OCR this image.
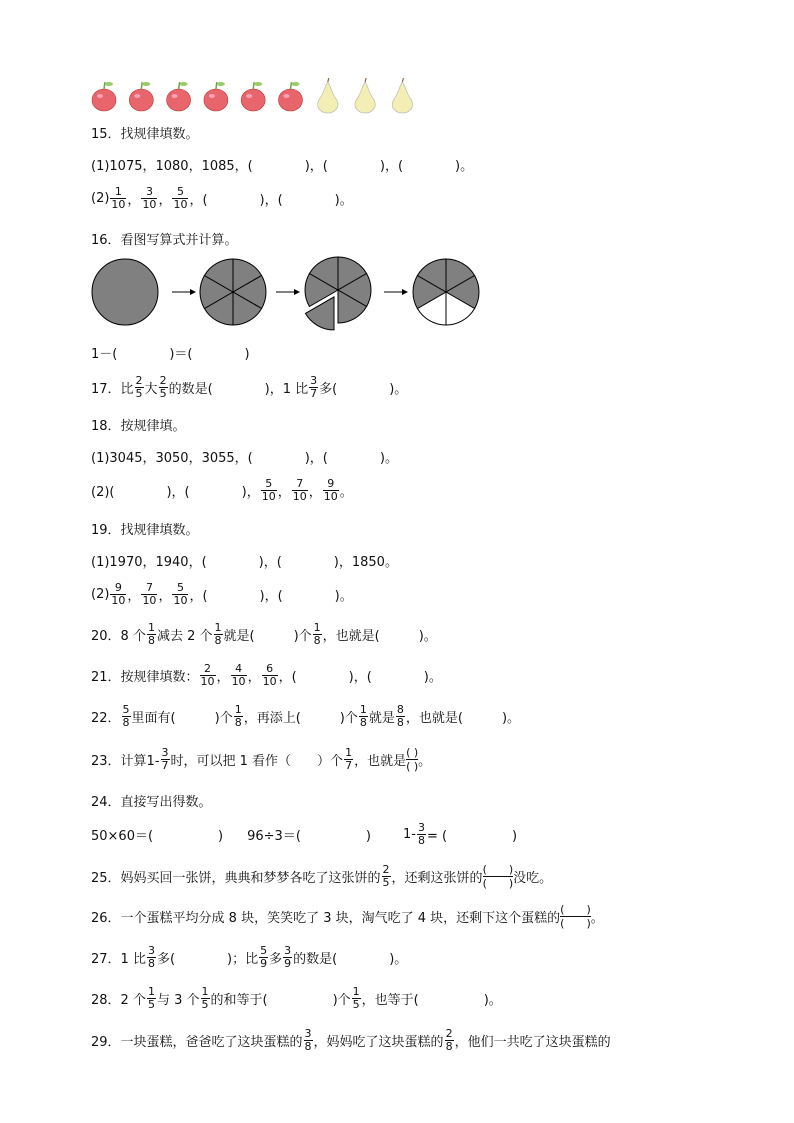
15．找规律填数。
(1)1075，1080，1085，(　　　　)，(　　　　)，(　　　　)。
$(2) \frac{1}{10}$ ， $\frac{3}{10}$ ， $\frac{5}{10}$ ，(　　　　)，(　　　　)。
16．看图写算式并计算。
1－(　　　　)＝(　　　　)
17．比 $\frac{2}{5}$ 大 $\frac{2}{5}$ 的数是(　　　　)，1 比 $\frac{3}{7}$ 多(　　　　)。
18．按规律填。
(1)3045，3050，3055，(　　　　)，(　　　　)。
(2)(　　　　)，(　　　　)， $\frac{5}{10}$ ， $\frac{7}{10}$ ， $\frac{9}{10}$ 。
19．找规律填数。
(1)1970，1940，(　　　　)，(　　　　)，1850。
$(2) \frac{9}{10}$ ， $\frac{7}{10}$ ， $\frac{5}{10}$ ，(　　　　)，(　　　　)。
20．8 个 $\frac{1}{8}$ 减去 2 个 $\frac{1}{8}$ 就是(　　　)个 $\frac{1}{8}$ ，也就是(　　　)。
21．按规律填数： $\frac{2}{10}$ ， $\frac{4}{10}$ ， $\frac{6}{10}$ ，(　　　　)，(　　　　)。
22． $\frac{5}{8}$ 里面有(　　　)个 $\frac{1}{8}$ ，再添上(　　　)个 $\frac{1}{8}$ 就是 $\frac{8}{8}$ ，也就是(　　　)。
23．计算$1- \frac{3}{7}$ 时，可以把 1 看作（　　）个 $\frac{1}{7}$ ，也就是 $\frac{( )}{( )}$ 。
24．直接写出得数。
50×60＝(　　　　　) 96÷3＝(　　　　　) $1- \frac{3}{8}$ = (　　　　　)
25．妈妈买回一张饼，典典和梦梦各吃了这张饼的 $\frac{2}{5}$ ，还剩这张饼的 $\frac{( )}{( )}$ 没吃。
26．一个蛋糕平均分成 8 块，笑笑吃了 3 块，淘气吃了 4 块，还剩下这个蛋糕的 $\frac{( )}{( )}$ 。
27．1 比 $\frac{3}{8}$ 多(　　　　)；比 $\frac{5}{9}$ 多 $\frac{3}{9}$ 的数是(　　　　)。
28．2 个 $\frac{1}{5}$ 与 3 个 $\frac{1}{5}$ 的和等于(　　　　　)个 $\frac{1}{5}$ ，也等于(　　　　　)。
29．一块蛋糕，爸爸吃了这块蛋糕的 $\frac{3}{8}$ ，妈妈吃了这块蛋糕的 $\frac{2}{8}$ ，他们一共吃了这块蛋糕的
